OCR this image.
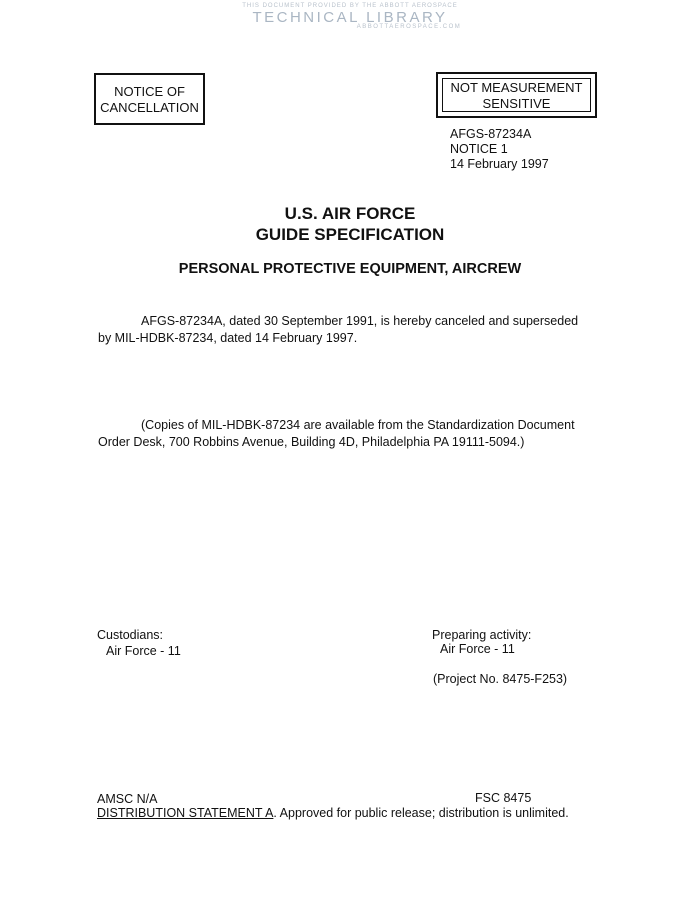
THIS DOCUMENT PROVIDED BY THE ABBOTT AEROSPACE
TECHNICAL LIBRARY
ABBOTTAEROSPACE.COM
NOTICE OF
CANCELLATION
NOT MEASUREMENT
SENSITIVE
AFGS-87234A
NOTICE 1
14 February 1997
U.S. AIR FORCE
GUIDE SPECIFICATION
PERSONAL PROTECTIVE EQUIPMENT, AIRCREW
AFGS-87234A, dated 30 September 1991, is hereby canceled and superseded
by MIL-HDBK-87234, dated 14 February 1997.
(Copies of MIL-HDBK-87234 are available from the Standardization Document
Order Desk, 700 Robbins Avenue, Building 4D, Philadelphia PA 19111-5094.)
Custodians:
Air Force - 11
Preparing activity:
Air Force - 11
(Project No. 8475-F253)
AMSC N/A	FSC 8475
DISTRIBUTION STATEMENT A. Approved for public release; distribution is unlimited.
